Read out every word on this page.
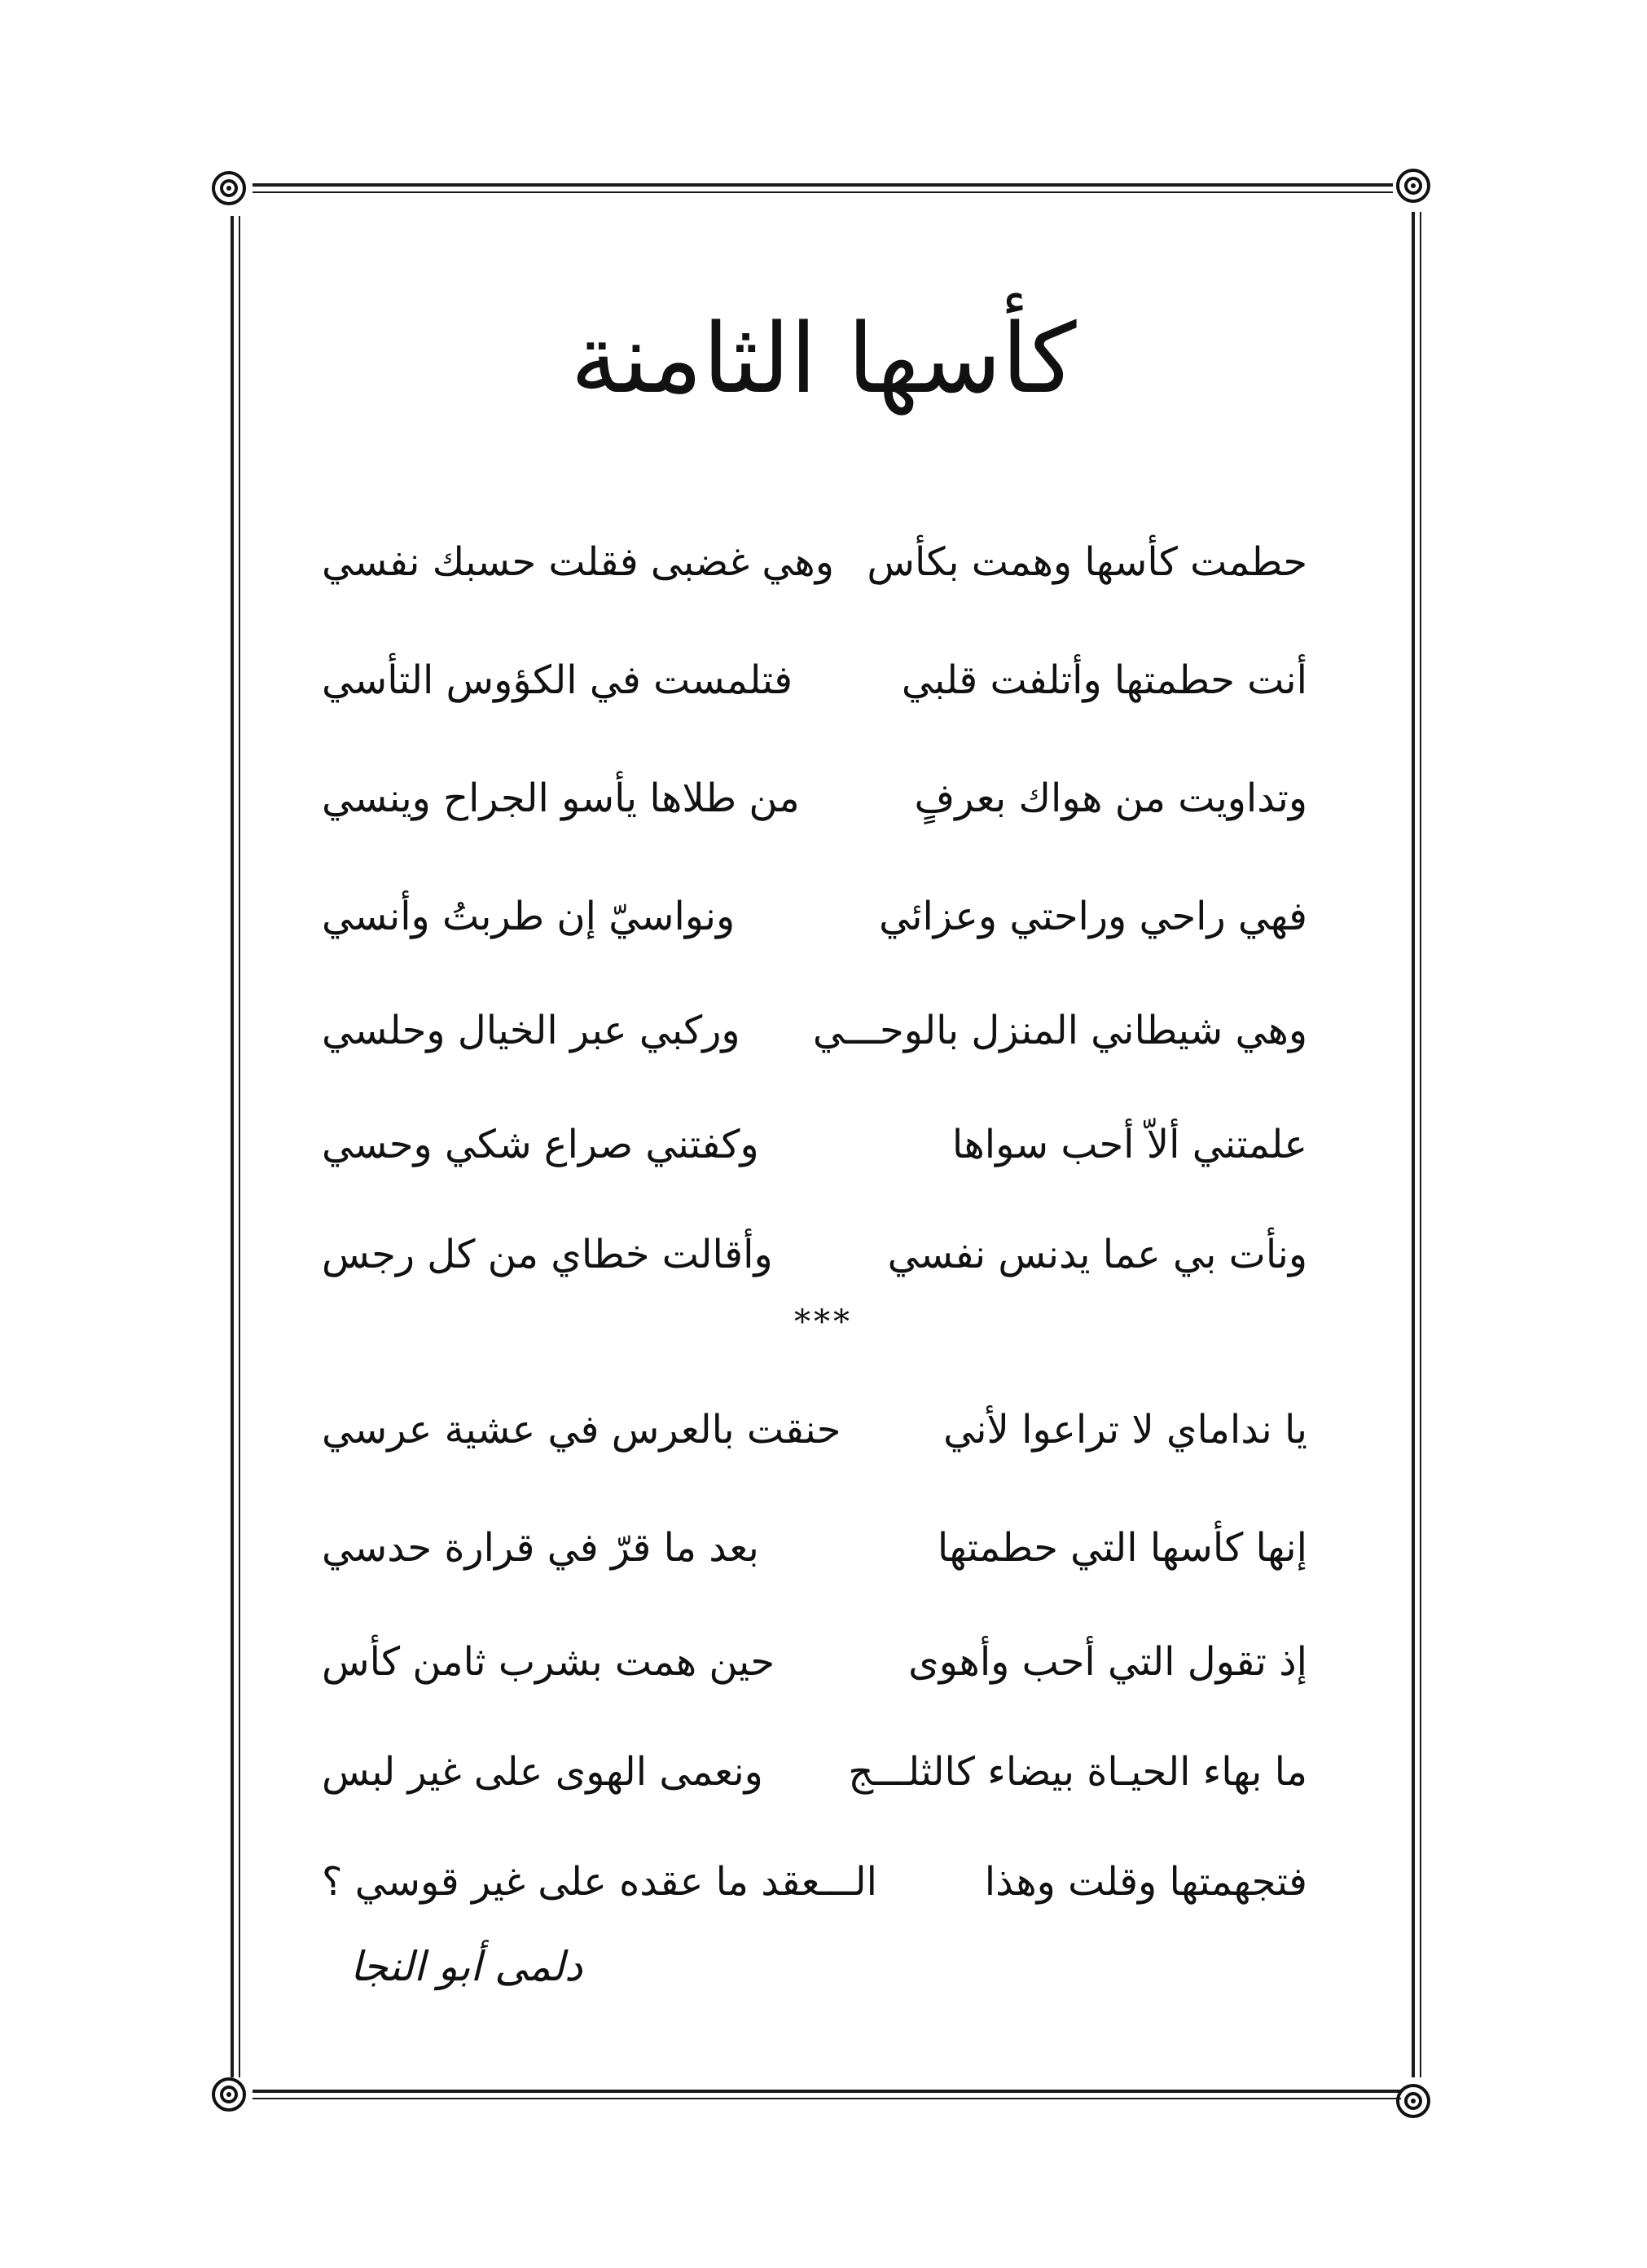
كأسها الثامنة
حطمت كأسها وهمت بكأس
وهي غضبى فقلت حسبك نفسي
أنت حطمتها وأتلفت قلبي
فتلمست في الكؤوس التأسي
وتداويت من هواك بعرفٍ
من طلاها يأسو الجراح وينسي
فهي راحي وراحتي وعزائي
ونواسيّ إن طربتُ وأنسي
وهي شيطاني المنزل بالوحـــي
وركبي عبر الخيال وحلسي
علمتني ألاّ أحب سواها
وكفتني صراع شكي وحسي
ونأت بي عما يدنس نفسي
وأقالت خطاي من كل رجس
يا نداماي لا تراعوا لأني
حنقت بالعرس في عشية عرسي
إنها كأسها التي حطمتها
بعد ما قرّ في قرارة حدسي
إذ تقول التي أحب وأهوى
حين همت بشرب ثامن كأس
ما بهاء الحيـاة بيضاء كالثلـــج
ونعمى الهوى على غير لبس
فتجهمتها وقلت وهذا
الـــعقد ما عقده على غير قوسي ؟
***
دلمى أبو النجا
